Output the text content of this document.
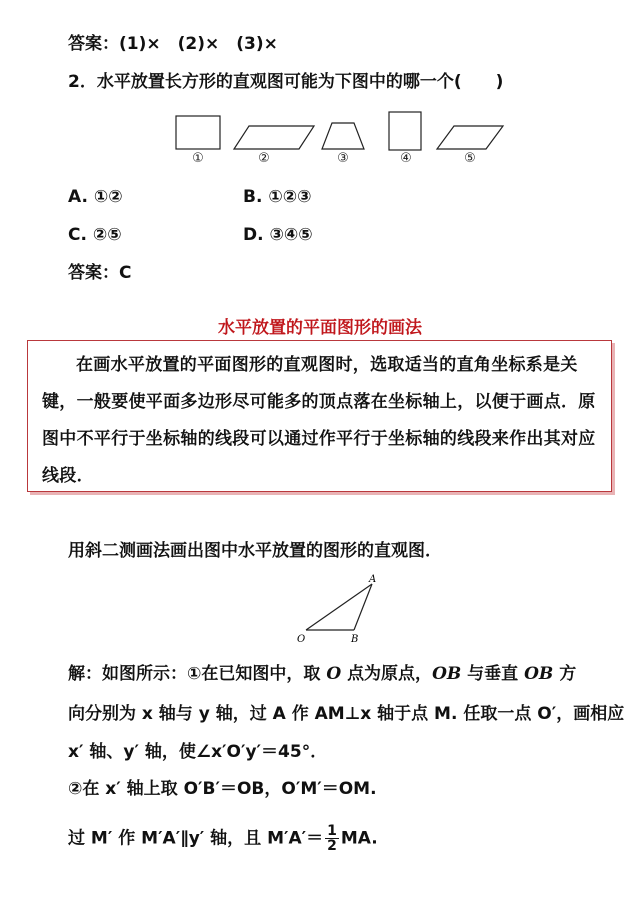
答案：(1)×　(2)×　(3)×
2．水平放置长方形的直观图可能为下图中的哪一个(　　)
①	②	③	④	⑤
A. ①②	B. ①②③
C. ②⑤	D. ③④⑤
答案：C
水平放置的平面图形的画法

在画水平放置的平面图形的直观图时，选取适当的直角坐标系是关键，一般要使平面多边形尽可能多的顶点落在坐标轴上，以便于画点．原图中不平行于坐标轴的线段可以通过作平行于坐标轴的线段来作出其对应线段．

用斜二测画法画出图中水平放置的图形的直观图．
A
O	B
解：如图所示：①在已知图中，取 O 点为原点，OB 与垂直 OB 方
向分别为 x 轴与 y 轴，过 A 作 AM⊥x 轴于点 M. 任取一点 O′，画相应
x′ 轴、y′ 轴，使∠x′O′y′＝45°．
②在 x′ 轴上取 O′B′＝OB，O′M′＝OM.
过 M′ 作 M′A′∥y′ 轴，且 $M'A'= \frac{1}{2}$ MA.
